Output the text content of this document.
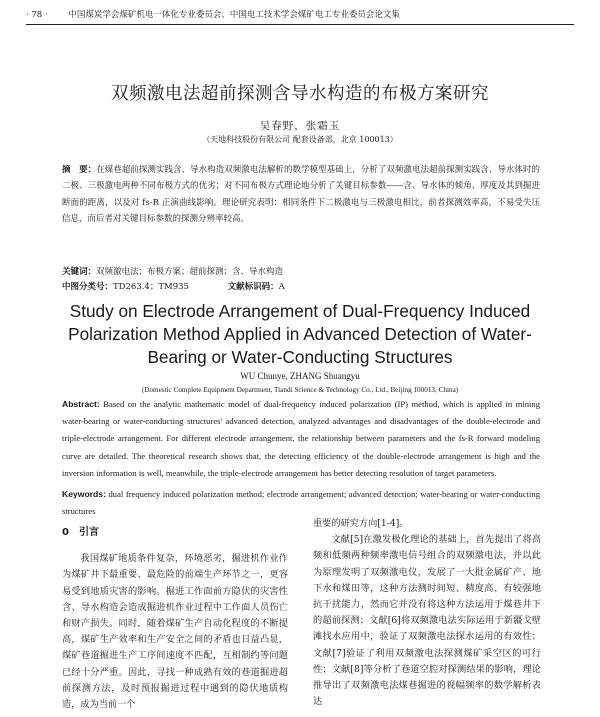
· 78 · 中国煤炭学会煤矿机电一体化专业委员会、中国电工技术学会煤矿电工专业委员会论文集
双频激电法超前探测含导水构造的布极方案研究
吴春野，张霜玉
（天地科技股份有限公司 配套设备部，北京 100013）
摘　要：在煤巷超前探测实践含、导水构造双频激电法解析的数学模型基础上，分析了双频激电法超前探测实践含、导水体时的二极、三极激电两种不同布极方式的优劣；对不同布极方式理论地分析了关键目标参数——含、导水体的倾角、厚度及其到掘进断面的距离，以及对 fs-R 正演曲线影响。理论研究表明：相同条件下二极激电与三极激电相比，前者探测效率高，不易受失压信息，而后者对关键目标参数的探测分辨率较高。
关键词：双频激电法；布极方案；超前探测；含、导水构造
中图分类号：TD263.4；TM935	文献标识码：A
Study on Electrode Arrangement of Dual-Frequency Induced Polarization Method Applied in Advanced Detection of Water-Bearing or Water-Conducting Structures
WU Chunye, ZHANG Shuangyu
(Domestic Complete Equipment Department, Tiandi Science & Technology Co., Ltd., Beijing 100013, China)
Abstract: Based on the analytic mathematic model of dual-frequency induced polarization (IP) method, which is applied in mining water-bearing or water-conducting structures' advanced detection, analyzed advantages and disadvantages of the double-electrode and triple-electrode arrangement. For different electrode arrangement, the relationship between parameters and the fs-R forward modeling curve are detailed. The theoretical research shows that, the detecting efficiency of the double-electrode arrangement is high and the inversion information is well, meanwhile, the triple-electrode arrangement has better detecting resolution of target parameters.
Keywords: dual frequency induced polarization method; electrode arrangement; advanced detection; water-bearing or water-conducting structures
0　引言

我国煤矿地质条件复杂，环境恶劣，掘进机作业作为煤矿井下最重要、最危险的前端生产环节之一，更容易受到地质灾害的影响。掘进工作面前方隐伏的灾害性含、导水构造会造成掘进机作业过程中工作面人员伤亡和财产损失。同时，随着煤矿生产自动化程度的不断提高，煤矿生产效率和生产安全之间的矛盾也日益凸显，煤矿巷道掘进生产工序间速度不匹配，互相制约等问题已经十分严重。因此，寻找一种成熟有效的巷道掘进超前探测方法，及时预报掘进过程中遇到的隐伏地质构造，成为当前一个

重要的研究方向[1-4]。

文献[5]在激发极化理论的基础上，首先提出了将高频和低频两种频率激电信号组合的双频激电法，并以此为原理发明了双频激电仪，发展了一大批金属矿产、地下水和煤田等，这种方法测时间短、精度高、有较强地抗干扰能力，然而它并没有将这种方法运用于煤巷井下的超前探测；文献[6]将双频激电法实际运用于新疆戈壁滩找水应用中，验证了双频激电法探水运用的有效性；文献[7]验证了利用双频激电法探测煤矿采空区的可行性；文献[8]等分析了巷道空腔对探测结果的影响，理论推导出了双频激电法煤巷掘进的视幅频率的数学解析表达
